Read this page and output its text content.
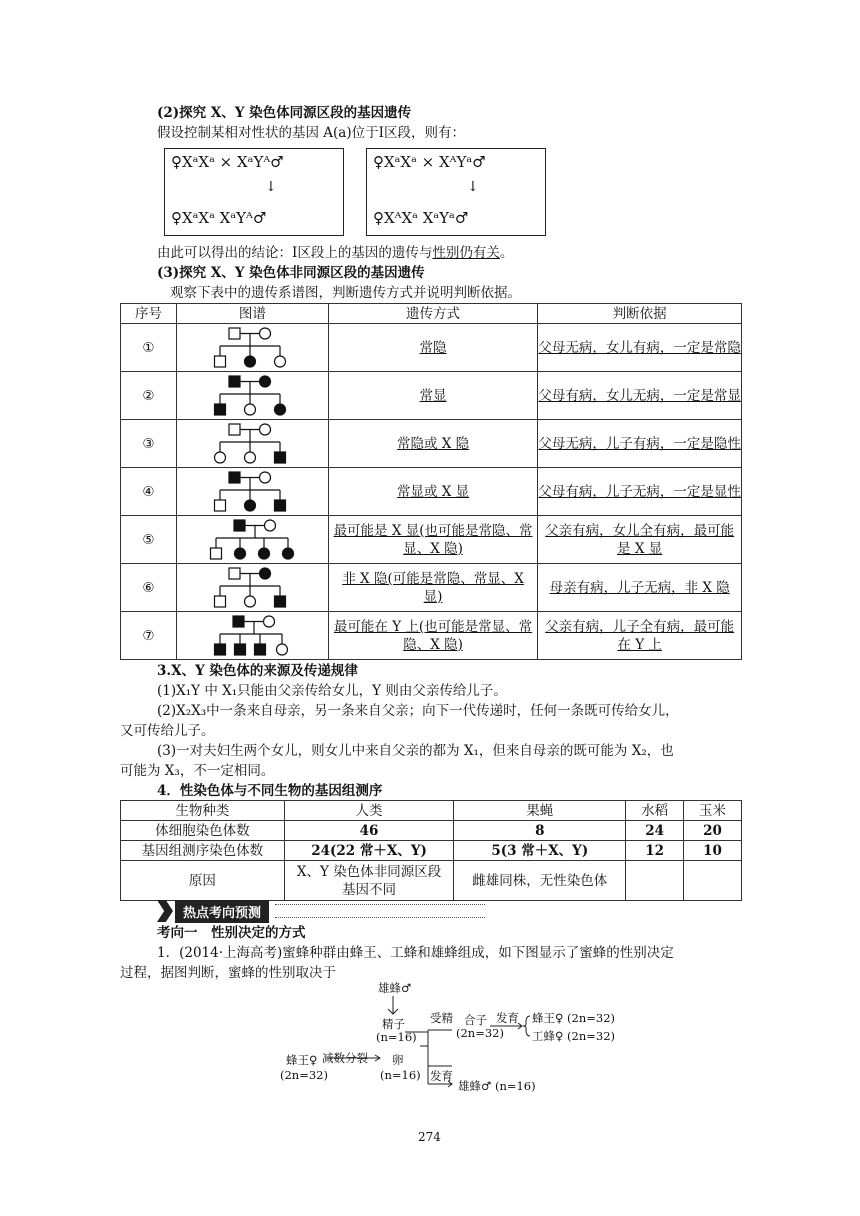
(2)探究 X、Y 染色体同源区段的基因遗传
假设控制某相对性状的基因 A(a)位于Ⅰ区段，则有：
♀XᵃXᵃ × XᵃYᴬ♂
↓
♀XᵃXᵃ XᵃYᴬ♂
♀XᵃXᵃ × XᴬYᵃ♂
↓
♀XᴬXᵃ XᵃYᵃ♂
由此可以得出的结论：Ⅰ区段上的基因的遗传与性别仍有关。
(3)探究 X、Y 染色体非同源区段的基因遗传
观察下表中的遗传系谱图，判断遗传方式并说明判断依据。
序号	图谱	遗传方式	判断依据
①		常隐	父母无病，女儿有病，一定是常隐
②		常显	父母有病，女儿无病，一定是常显
③		常隐或 X 隐	父母无病，儿子有病，一定是隐性
④		常显或 X 显	父母有病，儿子无病，一定是显性
⑤		最可能是 X 显(也可能是常隐、常显、X 隐)	父亲有病，女儿全有病，最可能是 X 显
⑥		非 X 隐(可能是常隐、常显、X 显)	母亲有病，儿子无病，非 X 隐
⑦		最可能在 Y 上(也可能是常显、常隐、X 隐)	父亲有病，儿子全有病，最可能在 Y 上
3.X、Y 染色体的来源及传递规律
(1)X₁Y 中 X₁只能由父亲传给女儿，Y 则由父亲传给儿子。
(2)X₂X₃中一条来自母亲，另一条来自父亲；向下一代传递时，任何一条既可传给女儿，
又可传给儿子。
(3)一对夫妇生两个女儿，则女儿中来自父亲的都为 X₁，但来自母亲的既可能为 X₂，也
可能为 X₃，不一定相同。
4．性染色体与不同生物的基因组测序
生物种类	人类	果蝇	水稻	玉米
体细胞染色体数	46	8	24	20
基因组测序染色体数	24(22 常＋X、Y)	5(3 常＋X、Y)	12	10
原因	X、Y 染色体非同源区段基因不同	雌雄同株，无性染色体		
热点考向预测
考向一　性别决定的方式
1．(2014·上海高考)蜜蜂种群由蜂王、工蜂和雄蜂组成，如下图显示了蜜蜂的性别决定
过程，据图判断，蜜蜂的性别取决于
雄蜂♂
精子
(n=16)
受精 合子
(2n=32)
发育 蜂王♀ (2n=32)
工蜂♀ (2n=32)
蜂王♀
(2n=32)
减数分裂 卵
(n=16) 发育
雄蜂♂ (n=16)
274
